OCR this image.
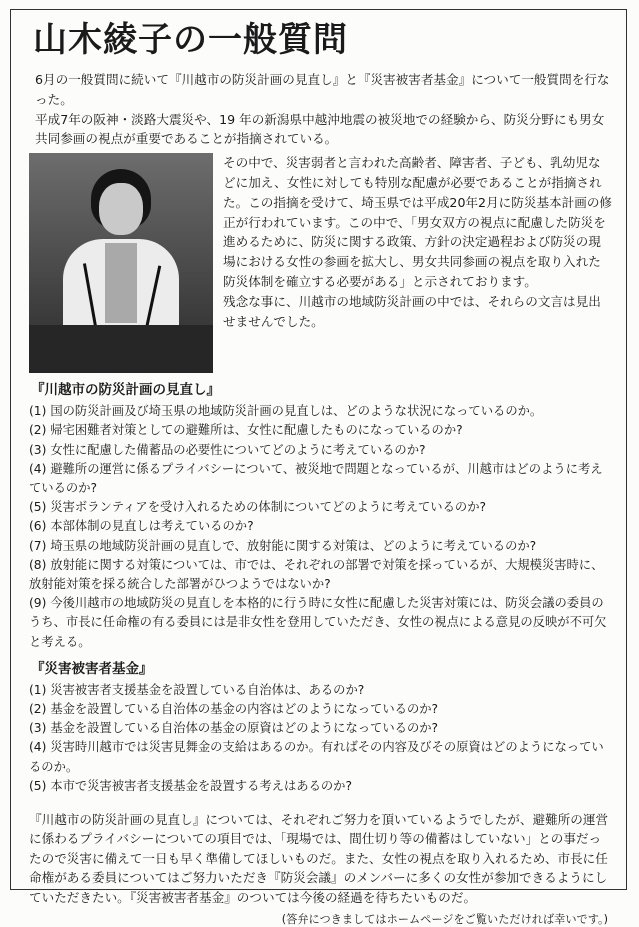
山木綾子の一般質問

6月の一般質問に続いて『川越市の防災計画の見直し』と『災害被害者基金』について一般質問を行なった。

平成7年の阪神・淡路大震災や、19 年の新潟県中越沖地震の被災地での経験から、防災分野にも男女共同参画の視点が重要であることが指摘されている。

その中で、災害弱者と言われた高齢者、障害者、子ども、乳幼児などに加え、女性に対しても特別な配慮が必要であることが指摘された。この指摘を受けて、埼玉県では平成20年2月に防災基本計画の修正が行われています。この中で、「男女双方の視点に配慮した防災を進めるために、防災に関する政策、方針の決定過程および防災の現場における女性の参画を拡大し、男女共同参画の視点を取り入れた防災体制を確立する必要がある」と示されております。

残念な事に、川越市の地域防災計画の中では、それらの文言は見出せませんでした。

『川越市の防災計画の見直し』
(1) 国の防災計画及び埼玉県の地域防災計画の見直しは、どのような状況になっているのか。
(2) 帰宅困難者対策としての避難所は、女性に配慮したものになっているのか?
(3) 女性に配慮した備蓄品の必要性についてどのように考えているのか?
(4) 避難所の運営に係るプライバシーについて、被災地で問題となっているが、川越市はどのように考えているのか?
(5) 災害ボランティアを受け入れるための体制についてどのように考えているのか?
(6) 本部体制の見直しは考えているのか?
(7) 埼玉県の地域防災計画の見直しで、放射能に関する対策は、どのように考えているのか?
(8) 放射能に関する対策については、市では、それぞれの部署で対策を採っているが、大規模災害時に、放射能対策を採る統合した部署がひつようではないか?
(9) 今後川越市の地域防災の見直しを本格的に行う時に女性に配慮した災害対策には、防災会議の委員のうち、市長に任命権の有る委員には是非女性を登用していただき、女性の視点による意見の反映が不可欠と考える。
『災害被害者基金』
(1) 災害被害者支援基金を設置している自治体は、あるのか?
(2) 基金を設置している自治体の基金の内容はどのようになっているのか?
(3) 基金を設置している自治体の基金の原資はどのようになっているのか?
(4) 災害時川越市では災害見舞金の支給はあるのか。有ればその内容及びその原資はどのようになっているのか。
(5) 本市で災害被害者支援基金を設置する考えはあるのか?

『川越市の防災計画の見直し』については、それぞれご努力を頂いているようでしたが、避難所の運営に係わるプライバシーについての項目では、「現場では、間仕切り等の備蓄はしていない」との事だったので災害に備えて一日も早く準備してほしいものだ。また、女性の視点を取り入れるため、市長に任命権がある委員についてはご努力いただき『防災会議』のメンバーに多くの女性が参加できるようにしていただきたい。『災害被害者基金』のついては今後の経過を待ちたいものだ。

(答弁につきましてはホームページをご覧いただければ幸いです。)
